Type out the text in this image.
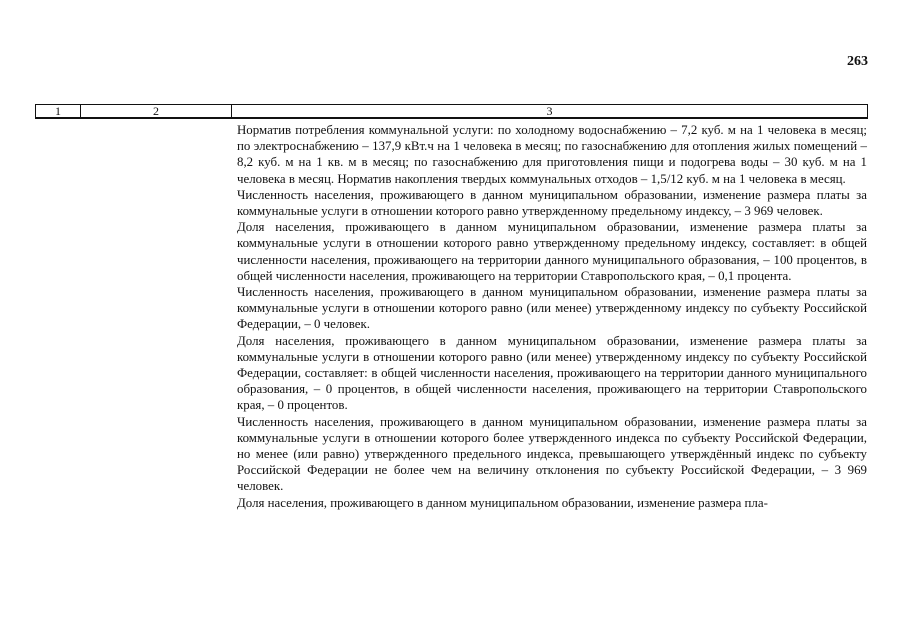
263
1	2	3

Норматив потребления коммунальной услуги: по холодному водоснабжению – 7,2 куб. м на 1 человека в месяц; по электроснабжению – 137,9 кВт.ч на 1 человека в месяц; по газоснабжению для отопления жилых помещений – 8,2 куб. м на 1 кв. м в месяц; по газоснабжению для приготовления пищи и подогрева воды – 30 куб. м на 1 человека в месяц. Норматив накопления твердых коммунальных отходов – 1,5/12 куб. м на 1 человека в месяц.

Численность населения, проживающего в данном муниципальном образовании, изменение размера платы за коммунальные услуги в отношении которого равно утвержденному предельному индексу, – 3 969 человек.

Доля населения, проживающего в данном муниципальном образовании, изменение размера платы за коммунальные услуги в отношении которого равно утвержденному предельному индексу, составляет: в общей численности населения, проживающего на территории данного муниципального образования, – 100 процентов, в общей численности населения, проживающего на территории Ставропольского края, – 0,1 процента.

Численность населения, проживающего в данном муниципальном образовании, изменение размера платы за коммунальные услуги в отношении которого равно (или менее) утвержденному индексу по субъекту Российской Федерации, – 0 человек.

Доля населения, проживающего в данном муниципальном образовании, изменение размера платы за коммунальные услуги в отношении которого равно (или менее) утвержденному индексу по субъекту Российской Федерации, составляет: в общей численности населения, проживающего на территории данного муниципального образования, – 0 процентов, в общей численности населения, проживающего на территории Ставропольского края, – 0 процентов.

Численность населения, проживающего в данном муниципальном образовании, изменение размера платы за коммунальные услуги в отношении которого более утвержденного индекса по субъекту Российской Федерации, но менее (или равно) утвержденного предельного индекса, превышающего утверждённый индекс по субъекту Российской Федерации не более чем на величину отклонения по субъекту Российской Федерации, – 3 969 человек.

Доля населения, проживающего в данном муниципальном образовании, изменение размера пла-
